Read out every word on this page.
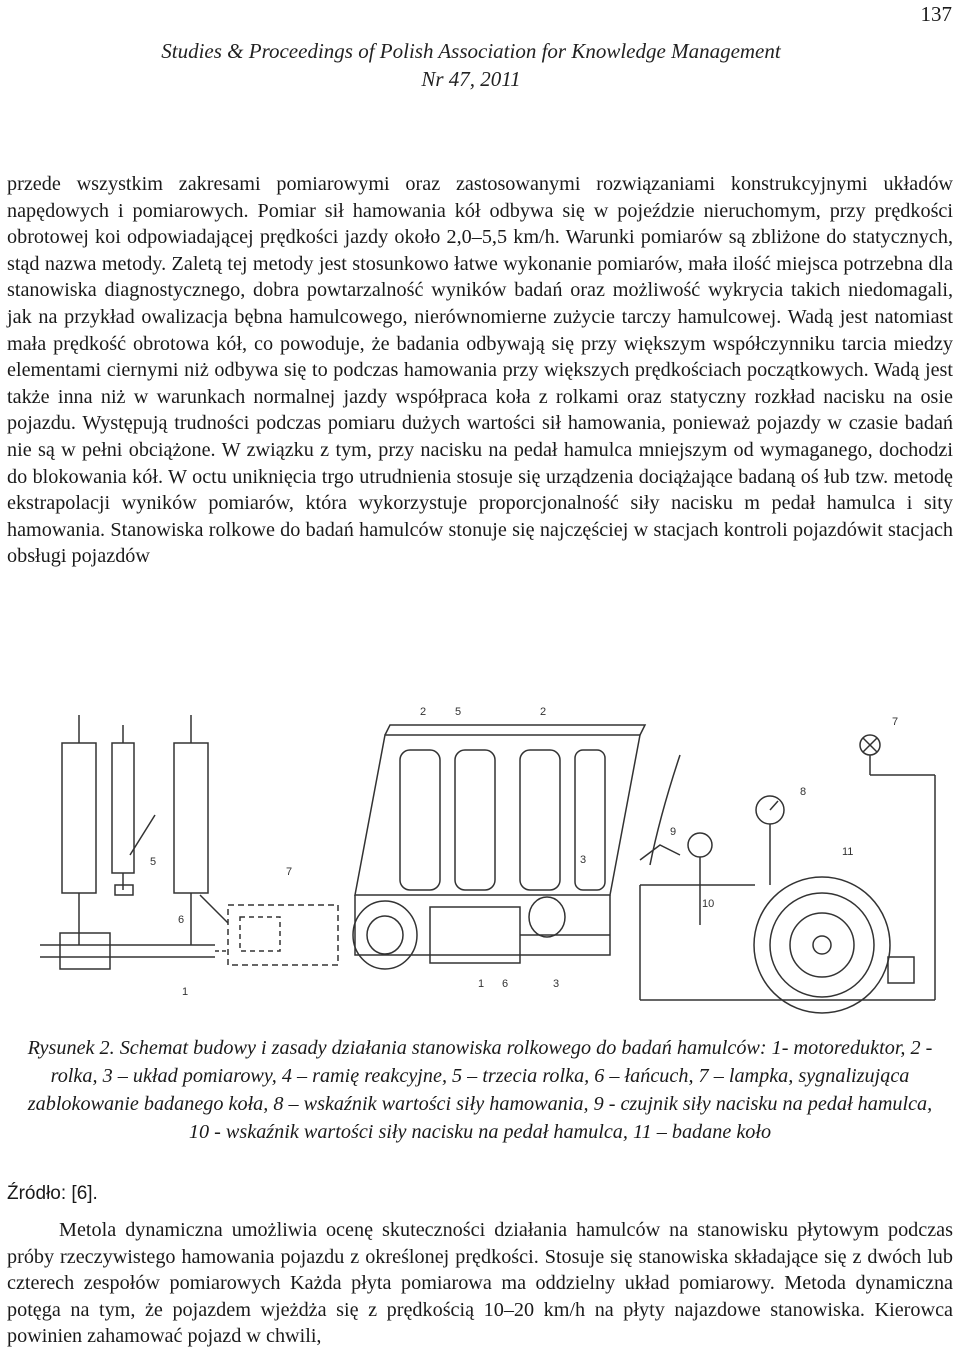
137
Studies & Proceedings of Polish Association for Knowledge Management
Nr 47, 2011

przede wszystkim zakresami pomiarowymi oraz zastosowanymi rozwiązaniami konstrukcyjnymi układów napędowych i pomiarowych. Pomiar sił hamowania kół odbywa się w pojeździe nieruchomym, przy prędkości obrotowej koi odpowiadającej prędkości jazdy około 2,0–5,5 km/h. Warunki pomiarów są zbliżone do statycznych, stąd nazwa metody. Zaletą tej metody jest stosunkowo łatwe wykonanie pomiarów, mała ilość miejsca potrzebna dla stanowiska diagnostycznego, dobra powtarzalność wyników badań oraz możliwość wykrycia takich niedomagali, jak na przykład owalizacja bębna hamulcowego, nierównomierne zużycie tarczy hamulcowej. Wadą jest natomiast mała prędkość obrotowa kół, co powoduje, że badania odbywają się przy większym współczynniku tarcia miedzy elementami ciernymi niż odbywa się to podczas hamowania przy większych prędkościach początkowych. Wadą jest także inna niż w warunkach normalnej jazdy współpraca koła z rolkami oraz statyczny rozkład nacisku na osie pojazdu. Występują trudności podczas pomiaru dużych wartości sił hamowania, ponieważ pojazdy w czasie badań nie są w pełni obciążone. W związku z tym, przy nacisku na pedał hamulca mniejszym od wymaganego, dochodzi do blokowania kół. W octu uniknięcia trgo utrudnienia stosuje się urządzenia dociążające badaną oś łub tzw. metodę ekstrapolacji wyników pomiarów, która wykorzystuje proporcjonalność siły nacisku m pedał hamulca i sity hamowania. Stanowiska rolkowe do badań hamulców stonuje się najczęściej w stacjach kontroli pojazdówit stacjach obsługi pojazdów

5
6
7
1
2	5	2
3
1 6	3
7
8
9
10
11

Rysunek 2. Schemat budowy i zasady działania stanowiska rolkowego do badań hamulców: 1- motoreduktor, 2 - rolka, 3 – układ pomiarowy, 4 – ramię reakcyjne, 5 – trzecia rolka, 6 – łańcuch, 7 – lampka, sygnalizująca zablokowanie badanego koła, 8 – wskaźnik wartości siły hamowania, 9 - czujnik siły nacisku na pedał hamulca, 10 - wskaźnik wartości siły nacisku na pedał hamulca, 11 – badane koło

Źródło: [6].

Metola dynamiczna umożliwia ocenę skuteczności działania hamulców na stanowisku płytowym podczas próby rzeczywistego hamowania pojazdu z określonej prędkości. Stosuje się stanowiska składające się z dwóch lub czterech zespołów pomiarowych Każda płyta pomiarowa ma oddzielny układ pomiarowy. Metoda dynamiczna potęga na tym, że pojazdem wjeżdża się z prędkością 10–20 km/h na płyty najazdowe stanowiska. Kierowca powinien zahamować pojazd w chwili,
